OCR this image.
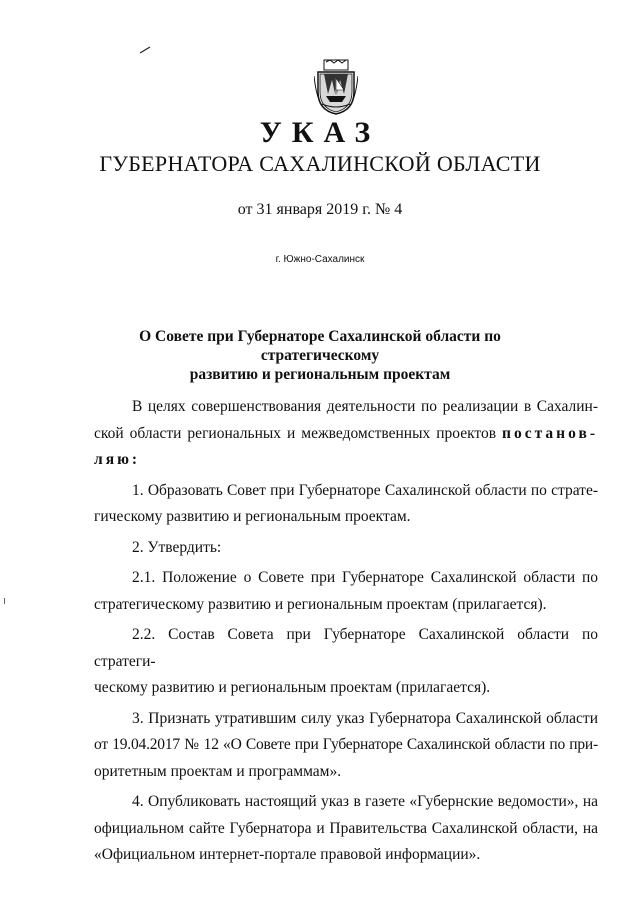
УКАЗ
ГУБЕРНАТОРА САХАЛИНСКОЙ ОБЛАСТИ
от 31 января 2019 г. № 4
г. Южно-Сахалинск
О Совете при Губернаторе Сахалинской области по стратегическому
развитию и региональным проектам

В целях совершенствования деятельности по реализации в Сахалин-
ской области региональных и межведомственных проектов постанов-
ляю:

1. Образовать Совет при Губернаторе Сахалинской области по страте-
гическому развитию и региональным проектам.

2. Утвердить:

2.1. Положение о Совете при Губернаторе Сахалинской области по
стратегическому развитию и региональным проектам (прилагается).

2.2. Состав Совета при Губернаторе Сахалинской области по стратеги-
ческому развитию и региональным проектам (прилагается).

3. Признать утратившим силу указ Губернатора Сахалинской области
от 19.04.2017 № 12 «О Совете при Губернаторе Сахалинской области по при-
оритетным проектам и программам».

4. Опубликовать настоящий указ в газете «Губернские ведомости», на
официальном сайте Губернатора и Правительства Сахалинской области, на
«Официальном интернет-портале правовой информации».
